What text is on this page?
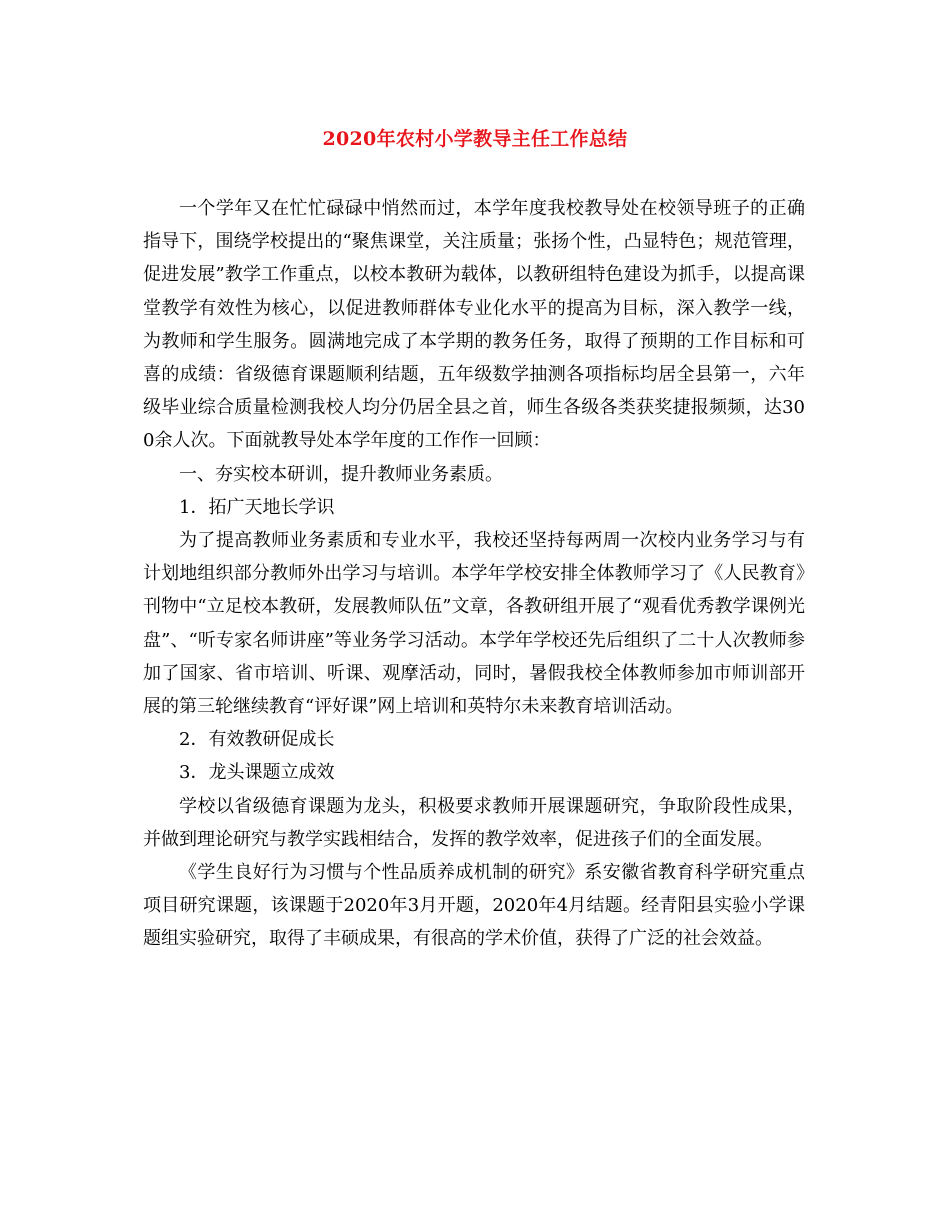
2020年农村小学教导主任工作总结

一个学年又在忙忙碌碌中悄然而过，本学年度我校教导处在校领导班子的正确指导下，围绕学校提出的“聚焦课堂，关注质量；张扬个性，凸显特色；规范管理，促进发展”教学工作重点，以校本教研为载体，以教研组特色建设为抓手，以提高课堂教学有效性为核心，以促进教师群体专业化水平的提高为目标，深入教学一线，为教师和学生服务。圆满地完成了本学期的教务任务，取得了预期的工作目标和可喜的成绩：省级德育课题顺利结题，五年级数学抽测各项指标均居全县第一，六年级毕业综合质量检测我校人均分仍居全县之首，师生各级各类获奖捷报频频，达300余人次。下面就教导处本学年度的工作作一回顾：

一、夯实校本研训，提升教师业务素质。

1．拓广天地长学识

为了提高教师业务素质和专业水平，我校还坚持每两周一次校内业务学习与有计划地组织部分教师外出学习与培训。本学年学校安排全体教师学习了《人民教育》刊物中“立足校本教研，发展教师队伍”文章，各教研组开展了“观看优秀教学课例光盘”、“听专家名师讲座”等业务学习活动。本学年学校还先后组织了二十人次教师参加了国家、省市培训、听课、观摩活动，同时，暑假我校全体教师参加市师训部开展的第三轮继续教育“评好课”网上培训和英特尔未来教育培训活动。

2．有效教研促成长

3．龙头课题立成效

学校以省级德育课题为龙头，积极要求教师开展课题研究，争取阶段性成果，并做到理论研究与教学实践相结合，发挥的教学效率，促进孩子们的全面发展。

《学生良好行为习惯与个性品质养成机制的研究》系安徽省教育科学研究重点项目研究课题，该课题于2020年3月开题，2020年4月结题。经青阳县实验小学课题组实验研究，取得了丰硕成果，有很高的学术价值，获得了广泛的社会效益。
